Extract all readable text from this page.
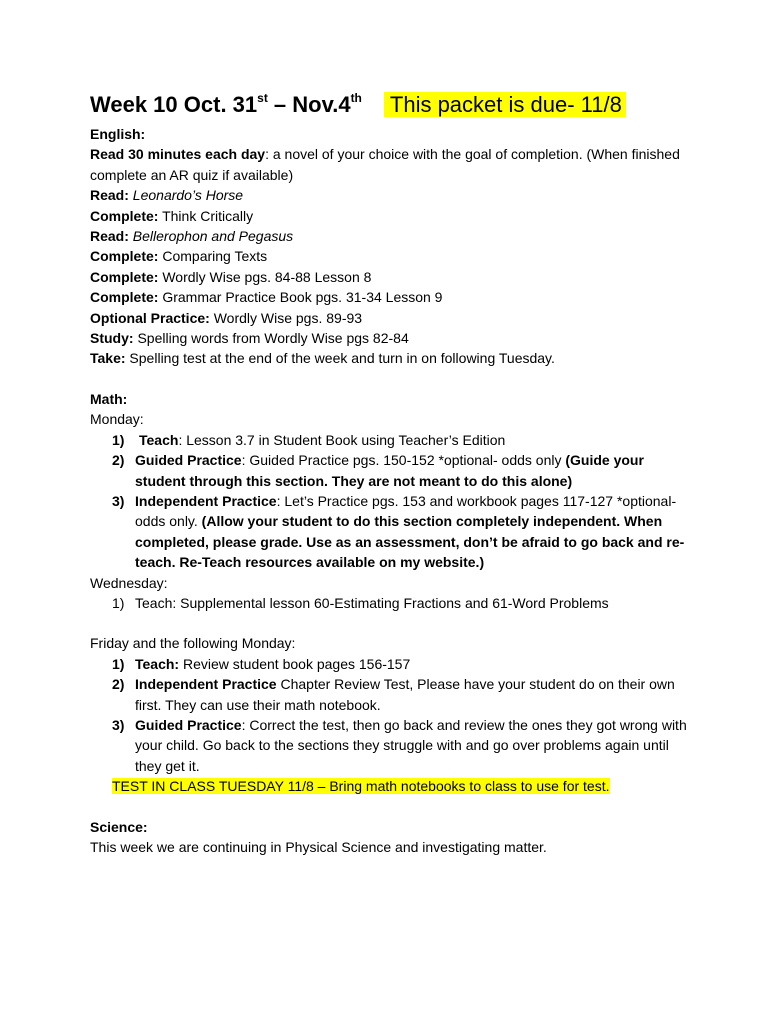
Week 10 Oct. 31st – Nov.4th This packet is due- 11/8
English:
Read 30 minutes each day: a novel of your choice with the goal of completion. (When finished complete an AR quiz if available)
Read: Leonardo’s Horse
Complete: Think Critically
Read: Bellerophon and Pegasus
Complete: Comparing Texts
Complete: Wordly Wise pgs. 84-88 Lesson 8
Complete: Grammar Practice Book pgs. 31-34 Lesson 9
Optional Practice: Wordly Wise pgs. 89-93
Study: Spelling words from Wordly Wise pgs 82-84
Take: Spelling test at the end of the week and turn in on following Tuesday.
Math:
Monday:
1) Teach: Lesson 3.7 in Student Book using Teacher’s Edition
2) Guided Practice: Guided Practice pgs. 150-152 *optional- odds only (Guide your student through this section. They are not meant to do this alone)
3) Independent Practice: Let’s Practice pgs. 153 and workbook pages 117-127 *optional- odds only. (Allow your student to do this section completely independent. When completed, please grade. Use as an assessment, don’t be afraid to go back and re-teach. Re-Teach resources available on my website.)
Wednesday:
1) Teach: Supplemental lesson 60-Estimating Fractions and 61-Word Problems
Friday and the following Monday:
1) Teach: Review student book pages 156-157
2) Independent Practice Chapter Review Test, Please have your student do on their own first. They can use their math notebook.
3) Guided Practice: Correct the test, then go back and review the ones they got wrong with your child. Go back to the sections they struggle with and go over problems again until they get it.
TEST IN CLASS TUESDAY 11/8 – Bring math notebooks to class to use for test.
Science:
This week we are continuing in Physical Science and investigating matter.
